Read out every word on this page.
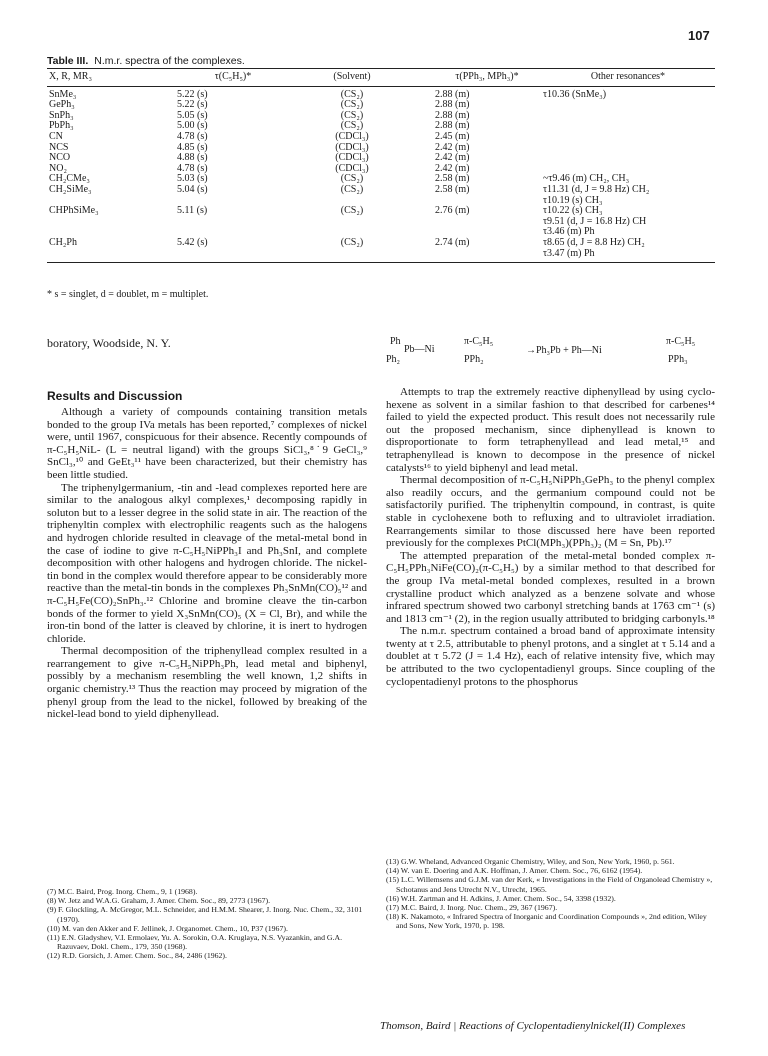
107
Table III. N.m.r. spectra of the complexes.
X, R, MR₃	τ(C₅H₅)*	(Solvent)	τ(PPh₃, MPh₃)*	Other resonances*
SnMe₃	5.22 (s)	(CS₂)	2.88 (m)	τ10.36 (SnMe₃)
GePh₃	5.22 (s)	(CS₂)	2.88 (m)	
SnPh₃	5.05 (s)	(CS₂)	2.88 (m)	
PbPh₃	5.00 (s)	(CS₂)	2.88 (m)	
CN	4.78 (s)	(CDCl₃)	2.45 (m)	
NCS	4.85 (s)	(CDCl₃)	2.42 (m)	
NCO	4.88 (s)	(CDCl₃)	2.42 (m)	
NO₂	4.78 (s)	(CDCl₃)	2.42 (m)	
CH₂CMe₃	5.03 (s)	(CS₂)	2.58 (m)	~τ9.46 (m) CH₂, CH₃
CH₂SiMe₃	5.04 (s)	(CS₂)	2.58 (m)	τ11.31 (d, J = 9.8 Hz) CH₂
τ10.19 (s) CH₃
CHPhSiMe₃	5.11 (s)	(CS₂)	2.76 (m)	τ10.22 (s) CH₃
τ9.51 (d, J = 16.8 Hz) CH
τ3.46 (m) Ph
CH₂Ph	5.42 (s)	(CS₂)	2.74 (m)	τ8.65 (d, J = 8.8 Hz) CH₂
τ3.47 (m) Ph
* s = singlet, d = doublet, m = multiplet.
boratory, Woodside, N. Y.	Ph
Pb—Ni
Ph₂
π-C₅H₅
PPh₂
→Ph₃Pb + Ph—Ni
π-C₅H₅
PPh₃
Results and Discussion

Although a variety of compounds containing transition metals bonded to the group IVa metals has been reported,⁷ complexes of nickel were, until 1967, conspicuous for their absence. Recently compounds of π-C₅H₅NiL- (L = neutral ligand) with the groups SiCl₃,⁸˙9 GeCl₃,⁹ SnCl₃,¹⁰ and GeEt₃¹¹ have been characterized, but their chemistry has been little studied.

The triphenylgermanium, -tin and -lead complexes reported here are similar to the analogous alkyl complexes,¹ decomposing rapidly in soluton but to a lesser degree in the solid state in air. The reaction of the triphenyltin complex with electrophilic reagents such as the halogens and hydrogen chloride resulted in cleavage of the metal-metal bond in the case of iodine to give π-C₅H₅NiPPh₃I and Ph₃SnI, and complete decomposition with other halogens and hydrogen chloride. The nickel-tin bond in the complex would therefore appear to be considerably more reactive than the metal-tin bonds in the complexes Ph₃SnMn(CO)₅¹² and π-C₅H₅Fe(CO)₂SnPh₃.¹² Chlorine and bromine cleave the tin-carbon bonds of the former to yield X₃SnMn(CO)₅ (X = Cl, Br), and while the iron-tin bond of the latter is cleaved by chlorine, it is inert to hydrogen chloride.

Thermal decomposition of the triphenyllead complex resulted in a rearrangement to give π-C₅H₅NiPPh₃Ph, lead metal and biphenyl, possibly by a mechanism resembling the well known, 1,2 shifts in organic chemistry.¹³ Thus the reaction may proceed by migration of the phenyl group from the lead to the nickel, followed by breaking of the nickel-lead bond to yield diphenyllead.

Attempts to trap the extremely reactive diphenyllead by using cyclo-hexene as solvent in a similar fashion to that described for carbenes¹⁴ failed to yield the expected product. This result does not necessarily rule out the proposed mechanism, since diphenyllead is known to disproportionate to form tetraphenyllead and lead metal,¹⁵ and tetraphenyllead is known to decompose in the presence of nickel catalysts¹⁶ to yield biphenyl and lead metal.

Thermal decomposition of π-C₅H₅NiPPh₃GePh₃ to the phenyl complex also readily occurs, and the germanium compound could not be satisfactorily purified. The triphenyltin compound, in contrast, is quite stable in cyclohexene both to refluxing and to ultraviolet irradiation. Rearrangements similar to those discussed here have been reported previously for the complexes PtCl(MPh₃)(PPh₃)₂ (M = Sn, Pb).¹⁷

The attempted preparation of the metal-metal bonded complex π-C₅H₅PPh₃NiFe(CO)₂(π-C₅H₅) by a similar method to that described for the group IVa metal-metal bonded complexes, resulted in a brown crystalline product which analyzed as a benzene solvate and whose infrared spectrum showed two carbonyl stretching bands at 1763 cm⁻¹ (s) and 1813 cm⁻¹ (2), in the region usually attributed to bridging carbonyls.¹⁸

The n.m.r. spectrum contained a broad band of approximate intensity twenty at τ 2.5, attributable to phenyl protons, and a singlet at τ 5.14 and a doublet at τ 5.72 (J = 1.4 Hz), each of relative intensity five, which may be attributed to the two cyclopentadienyl groups. Since coupling of the cyclopentadienyl protons to the phosphorus

(7) M.C. Baird, Prog. Inorg. Chem., 9, 1 (1968).

(8) W. Jetz and W.A.G. Graham, J. Amer. Chem. Soc., 89, 2773 (1967).

(9) F. Glockling, A. McGregor, M.L. Schneider, and H.M.M. Shearer, J. Inorg. Nuc. Chem., 32, 3101 (1970).

(10) M. van den Akker and F. Jellinek, J. Organomet. Chem., 10, P37 (1967).

(11) E.N. Gladyshev, V.I. Ermolaev, Yu. A. Sorokin, O.A. Kruglaya, N.S. Vyazankin, and G.A. Razuvaev, Dokl. Chem., 179, 350 (1968).

(12) R.D. Gorsich, J. Amer. Chem. Soc., 84, 2486 (1962).

(13) G.W. Wheland, Advanced Organic Chemistry, Wiley, and Son, New York, 1960, p. 561.

(14) W. van E. Doering and A.K. Hoffman, J. Amer. Chem. Soc., 76, 6162 (1954).

(15) L.C. Willemsens and G.J.M. van der Kerk, « Investigations in the Field of Organolead Chemistry », Schotanus and Jens Utrecht N.V., Utrecht, 1965.

(16) W.H. Zartman and H. Adkins, J. Amer. Chem. Soc., 54, 3398 (1932).

(17) M.C. Baird, J. Inorg. Nuc. Chem., 29, 367 (1967).

(18) K. Nakamoto, « Infrared Spectra of Inorganic and Coordination Compounds », 2nd edition, Wiley and Sons, New York, 1970, p. 198.

Thomson, Baird | Reactions of Cyclopentadienylnickel(II) Complexes
